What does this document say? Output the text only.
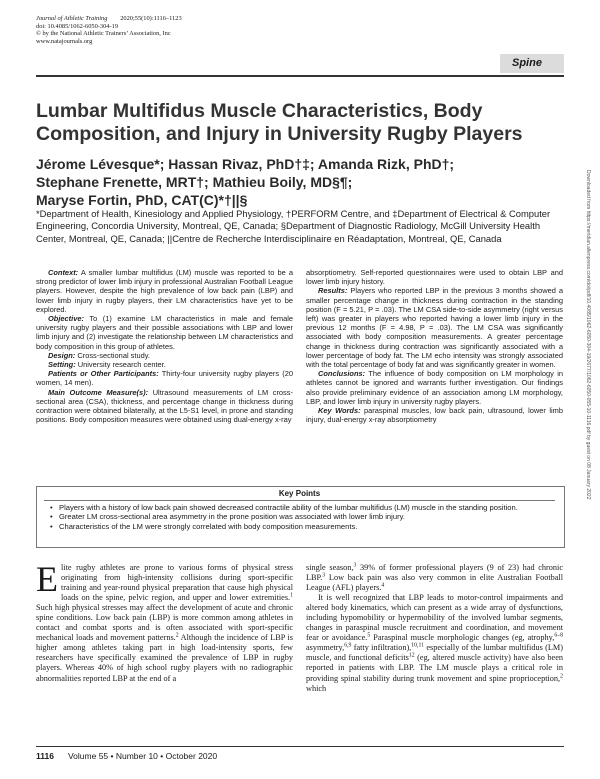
Journal of Athletic Training 2020;55(10):1116–1123
doi: 10.4085/1062-6050-304-19
© by the National Athletic Trainers’ Association, Inc
www.natajournals.org
Spine
Lumbar Multifidus Muscle Characteristics, Body Composition, and Injury in University Rugby Players
Jérome Lévesque*; Hassan Rivaz, PhD†‡; Amanda Rizk, PhD†;
Stephane Frenette, MRT†; Mathieu Boily, MD§¶;
Maryse Fortin, PhD, CAT(C)*†||§
*Department of Health, Kinesiology and Applied Physiology, †PERFORM Centre, and ‡Department of Electrical & Computer Engineering, Concordia University, Montreal, QE, Canada; §Department of Diagnostic Radiology, McGill University Health Center, Montreal, QE, Canada; ||Centre de Recherche Interdisciplinaire en Réadaptation, Montreal, QE, Canada

Context: A smaller lumbar multifidus (LM) muscle was reported to be a strong predictor of lower limb injury in professional Australian Football League players. However, despite the high prevalence of low back pain (LBP) and lower limb injury in rugby players, their LM characteristics have yet to be explored.

Objective: To (1) examine LM characteristics in male and female university rugby players and their possible associations with LBP and lower limb injury and (2) investigate the relationship between LM characteristics and body composition in this group of athletes.

Design: Cross-sectional study.

Setting: University research center.

Patients or Other Participants: Thirty-four university rugby players (20 women, 14 men).

Main Outcome Measure(s): Ultrasound measurements of LM cross-sectional area (CSA), thickness, and percentage change in thickness during contraction were obtained bilaterally, at the L5-S1 level, in prone and standing positions. Body composition measures were obtained using dual-energy x-ray

absorptiometry. Self-reported questionnaires were used to obtain LBP and lower limb injury history.

Results: Players who reported LBP in the previous 3 months showed a smaller percentage change in thickness during contraction in the standing position (F = 5.21, P = .03). The LM CSA side-to-side asymmetry (right versus left) was greater in players who reported having a lower limb injury in the previous 12 months (F = 4.98, P = .03). The LM CSA was significantly associated with body composition measurements. A greater percentage change in thickness during contraction was significantly associated with a lower percentage of body fat. The LM echo intensity was strongly associated with the total percentage of body fat and was significantly greater in women.

Conclusions: The influence of body composition on LM morphology in athletes cannot be ignored and warrants further investigation. Our findings also provide preliminary evidence of an association among LM morphology, LBP, and lower limb injury in university rugby players.

Key Words: paraspinal muscles, low back pain, ultrasound, lower limb injury, dual-energy x-ray absorptiometry

Key Points
• Players with a history of low back pain showed decreased contractile ability of the lumbar multifidus (LM) muscle in the standing position.
• Greater LM cross-sectional area asymmetry in the prone position was associated with lower limb injury.
• Characteristics of the LM were strongly correlated with body composition measurements.

Elite rugby athletes are prone to various forms of physical stress originating from high-intensity collisions during sport-specific training and year-round physical preparation that cause high physical loads on the spine, pelvic region, and upper and lower extremities.$^1$ Such high physical stresses may affect the development of acute and chronic spine conditions. Low back pain (LBP) is more common among athletes in contact and combat sports and is often associated with sport-specific mechanical loads and movement patterns.$^2$ Although the incidence of LBP is higher among athletes taking part in high load-intensity sports, few researchers have specifically examined the prevalence of LBP in rugby players. Whereas 40% of high school rugby players with no radiographic abnormalities reported LBP at the end of a

single season,$^3$ 39% of former professional players (9 of 23) had chronic LBP.$^3$ Low back pain was also very common in elite Australian Football League (AFL) players.$^4$

It is well recognized that LBP leads to motor-control impairments and altered body kinematics, which can present as a wide array of dysfunctions, including hypomobility or hypermobility of the involved lumbar segments, changes in paraspinal muscle recruitment and coordination, and movement fear or avoidance.$^5$ Paraspinal muscle morphologic changes (eg, atrophy,$^{6-8}$ asymmetry,$^{6,9}$ fatty infiltration),$^{10,11}$ especially of the lumbar multifidus (LM) muscle, and functional deficits$^{12}$ (eg, altered muscle activity) have also been reported in patients with LBP. The LM muscle plays a critical role in providing spinal stability during trunk movement and spine proprioception,$^2$ which

1116 Volume 55 • Number 10 • October 2020
Downloaded from https://meridian.allenpress.com/doi/pdf/10.4085/1062-6050-304-19/2677/1062-6050-055-10-1116.pdf by guest on 08 January 2022
